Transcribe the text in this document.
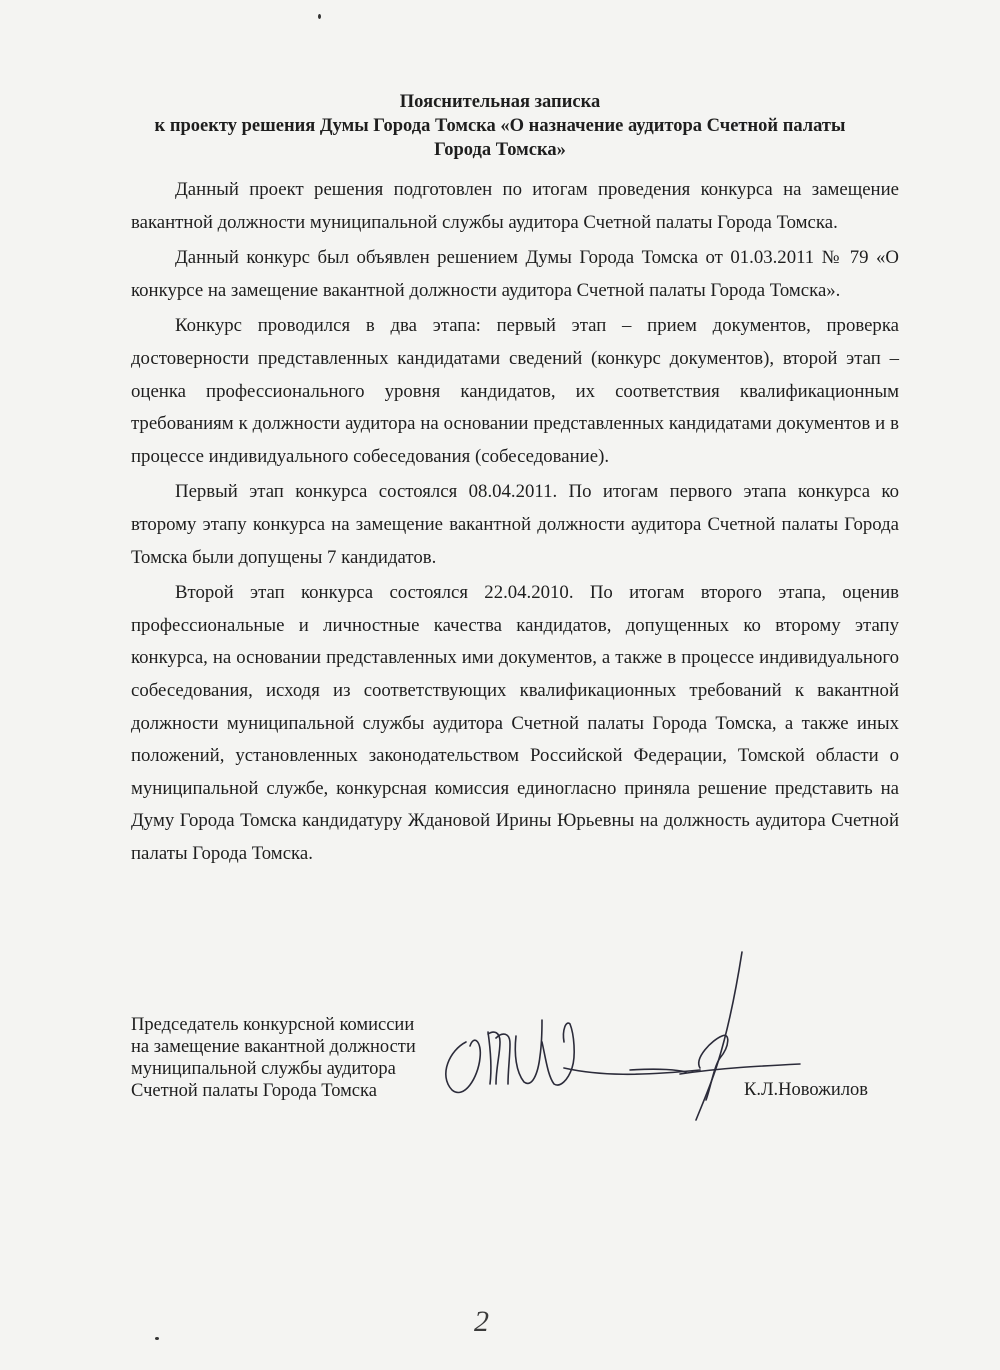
Пояснительная записка
к проекту решения Думы Города Томска «О назначение аудитора Счетной палаты
Города Томска»

Данный проект решения подготовлен по итогам проведения конкурса на замещение вакантной должности муниципальной службы аудитора Счетной палаты Города Томска.

Данный конкурс был объявлен решением Думы Города Томска от 01.03.2011 № 79 «О конкурсе на замещение вакантной должности аудитора Счетной палаты Города Томска».

Конкурс проводился в два этапа: первый этап – прием документов, проверка достоверности представленных кандидатами сведений (конкурс документов), второй этап – оценка профессионального уровня кандидатов, их соответствия квалификационным требованиям к должности аудитора на основании представленных кандидатами документов и в процессе индивидуального собеседования (собеседование).

Первый этап конкурса состоялся 08.04.2011. По итогам первого этапа конкурса ко второму этапу конкурса на замещение вакантной должности аудитора Счетной палаты Города Томска были допущены 7 кандидатов.

Второй этап конкурса состоялся 22.04.2010. По итогам второго этапа, оценив профессиональные и личностные качества кандидатов, допущенных ко второму этапу конкурса, на основании представленных ими документов, а также в процессе индивидуального собеседования, исходя из соответствующих квалификационных требований к вакантной должности муниципальной службы аудитора Счетной палаты Города Томска, а также иных положений, установленных законодательством Российской Федерации, Томской области о муниципальной службе, конкурсная комиссия единогласно приняла решение представить на Думу Города Томска кандидатуру Ждановой Ирины Юрьевны на должность аудитора Счетной палаты Города Томска.

Председатель конкурсной комиссии
на замещение вакантной должности
муниципальной службы аудитора
Счетной палаты Города Томска	К.Л.Новожилов
2
